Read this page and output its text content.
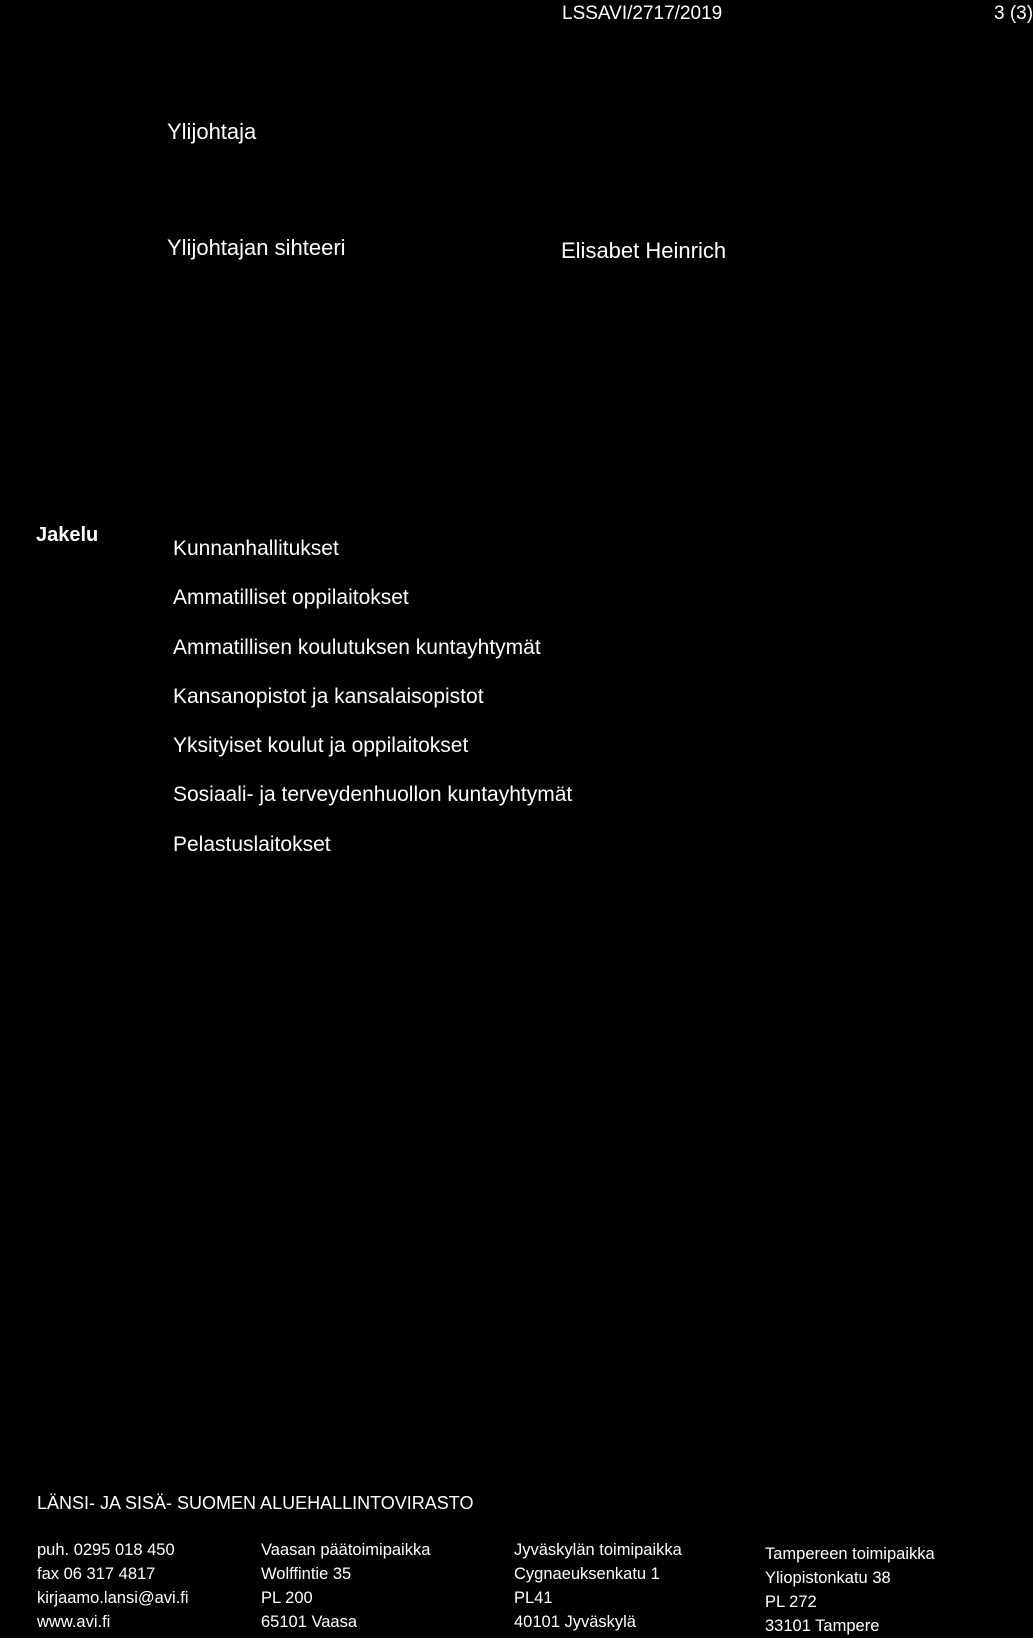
LSSAVI/2717/2019	3 (3)
Ylijohtaja
Ylijohtajan sihteeri	Elisabet Heinrich
Jakelu
Kunnanhallitukset
Ammatilliset oppilaitokset
Ammatillisen koulutuksen kuntayhtymät
Kansanopistot ja kansalaisopistot
Yksityiset koulut ja oppilaitokset
Sosiaali- ja terveydenhuollon kuntayhtymät
Pelastuslaitokset
LÄNSI- JA SISÄ- SUOMEN ALUEHALLINTOVIRASTO
puh. 0295 018 450
fax 06 317 4817
kirjaamo.lansi@avi.fi
www.avi.fi
Vaasan päätoimipaikka
Wolffintie 35
PL 200
65101 Vaasa
Jyväskylän toimipaikka
Cygnaeuksenkatu 1
PL41
40101 Jyväskylä
Tampereen toimipaikka
Yliopistonkatu 38
PL 272
33101 Tampere
